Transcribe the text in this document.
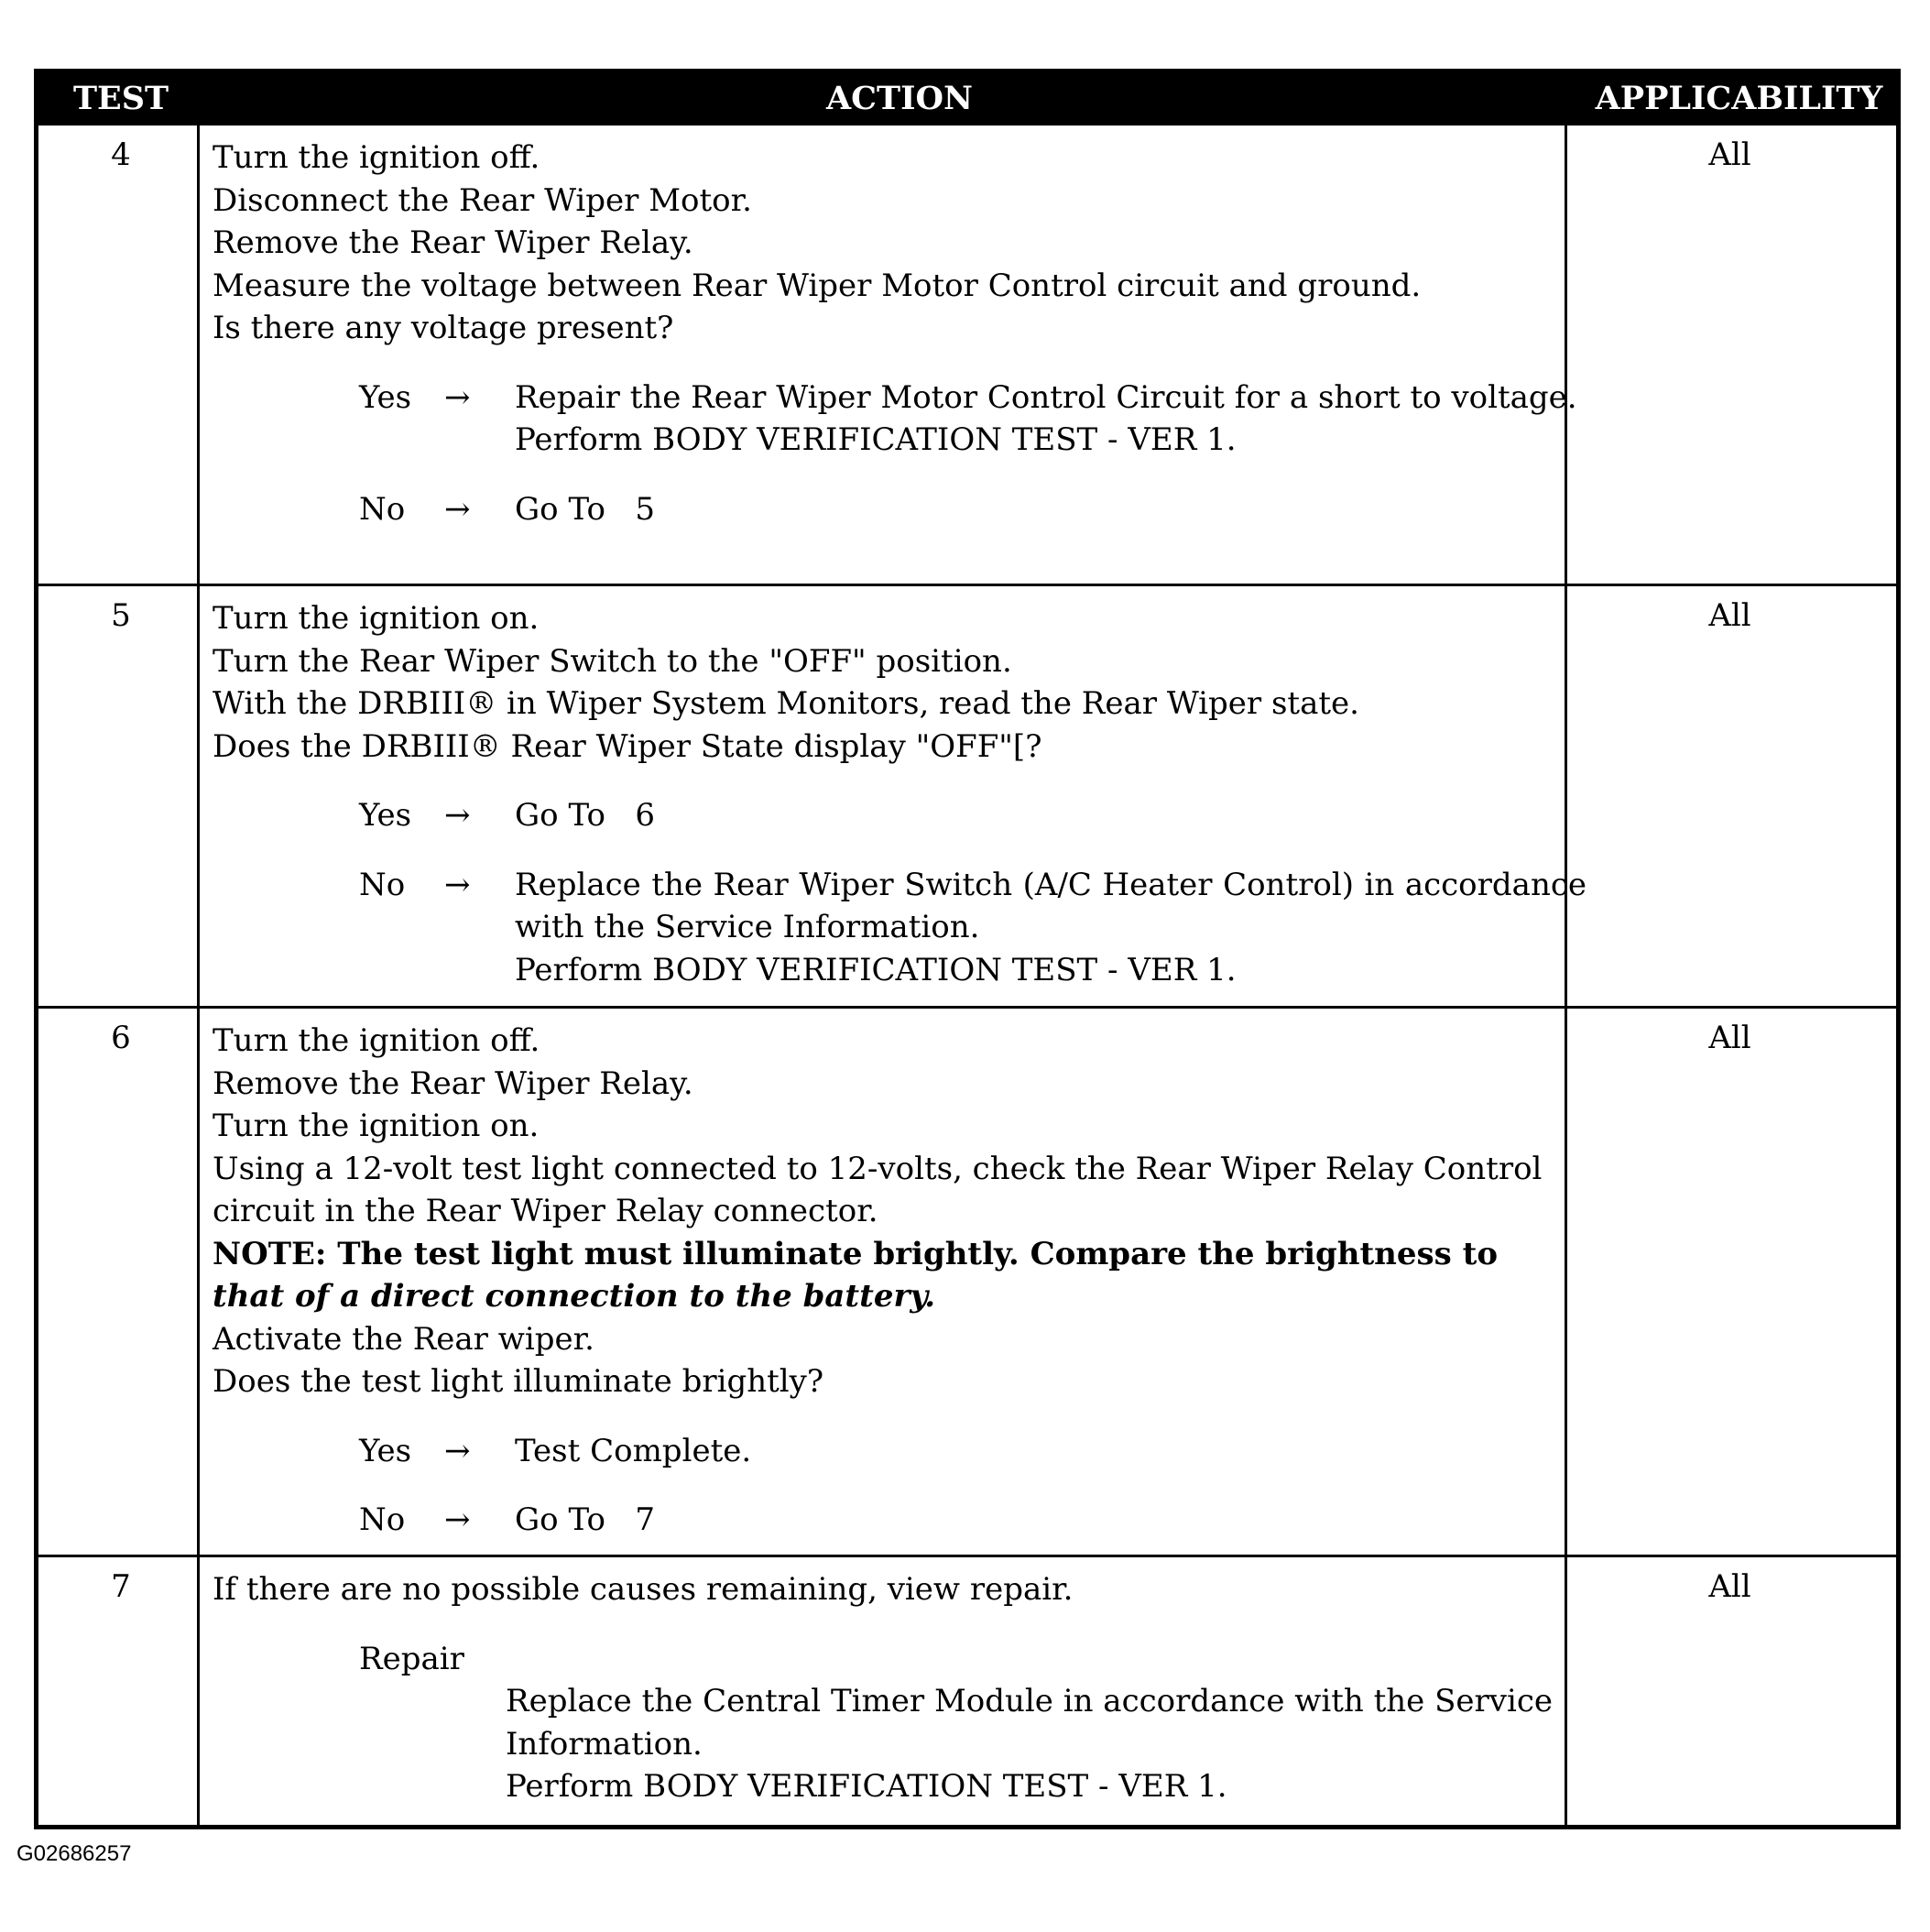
TEST	ACTION	APPLICABILITY
4	Turn the ignition off.
Disconnect the Rear Wiper Motor.
Remove the Rear Wiper Relay.
Measure the voltage between Rear Wiper Motor Control circuit and ground.
Is there any voltage present?
Yes → Repair the Rear Wiper Motor Control Circuit for a short to voltage.
Perform BODY VERIFICATION TEST - VER 1.
No → Go To   5
All
5	Turn the ignition on.
Turn the Rear Wiper Switch to the "OFF" position.
With the DRBIII® in Wiper System Monitors, read the Rear Wiper state.
Does the DRBIII® Rear Wiper State display "OFF"[?
Yes → Go To   6
No → Replace the Rear Wiper Switch (A/C Heater Control) in accordance with the Service Information.
Perform BODY VERIFICATION TEST - VER 1.
All
6	Turn the ignition off.
Remove the Rear Wiper Relay.
Turn the ignition on.
Using a 12-volt test light connected to 12-volts, check the Rear Wiper Relay Control circuit in the Rear Wiper Relay connector.
NOTE: The test light must illuminate brightly. Compare the brightness to
that of a direct connection to the battery.
Activate the Rear wiper.
Does the test light illuminate brightly?
Yes → Test Complete.
No → Go To   7
All
7	If there are no possible causes remaining, view repair.
Repair
Replace the Central Timer Module in accordance with the Service Information.
Perform BODY VERIFICATION TEST - VER 1.
All
G02686257
